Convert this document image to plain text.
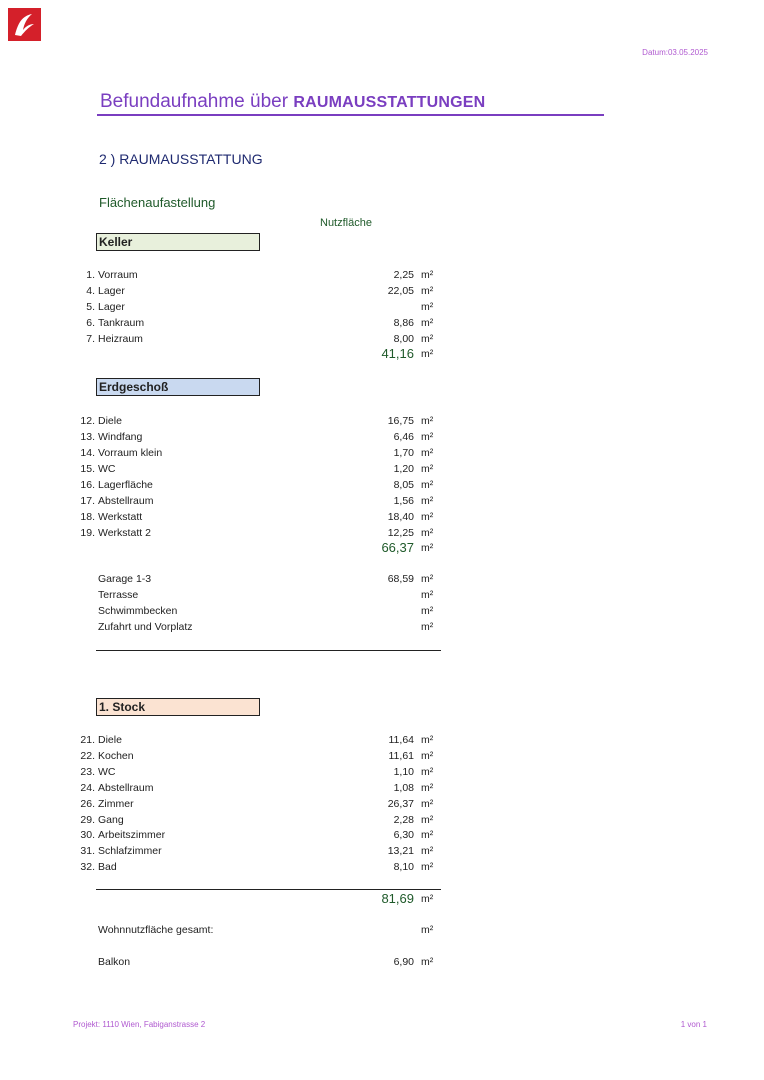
Datum:03.05.2025
Befundaufnahme über RAUMAUSSTATTUNGEN
2 ) RAUMAUSSTATTUNG
Flächenaufastellung
Nutzfläche
Keller
1. Vorraum	2,25 m²
4. Lager	22,05 m²
5. Lager	m²
6. Tankraum	8,86 m²
7. Heizraum	8,00 m²
41,16 m²
Erdgeschoß
12. Diele	16,75 m²
13. Windfang	6,46 m²
14. Vorraum klein	1,70 m²
15. WC	1,20 m²
16. Lagerfläche	8,05 m²
17. Abstellraum	1,56 m²
18. Werkstatt	18,40 m²
19. Werkstatt 2	12,25 m²
66,37 m²
Garage 1-3	68,59 m²
Terrasse	m²
Schwimmbecken	m²
Zufahrt und Vorplatz	m²
1. Stock
21. Diele	11,64 m²
22. Kochen	11,61 m²
23. WC	1,10 m²
24. Abstellraum	1,08 m²
26. Zimmer	26,37 m²
29. Gang	2,28 m²
30. Arbeitszimmer	6,30 m²
31. Schlafzimmer	13,21 m²
32. Bad	8,10 m²
81,69 m²
Wohnnutzfläche gesamt:	m²
Balkon	6,90 m²
Projekt: 1110 Wien, Fabiganstrasse 2	1 von 1
